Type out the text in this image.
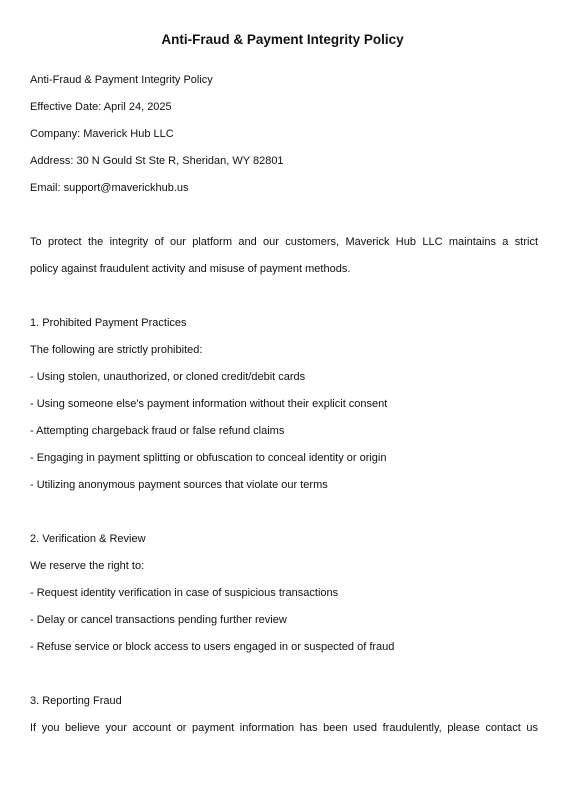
Anti-Fraud & Payment Integrity Policy

Anti-Fraud & Payment Integrity Policy

Effective Date: April 24, 2025

Company: Maverick Hub LLC

Address: 30 N Gould St Ste R, Sheridan, WY 82801

Email: support@maverickhub.us

To protect the integrity of our platform and our customers, Maverick Hub LLC maintains a strict

policy against fraudulent activity and misuse of payment methods.

1. Prohibited Payment Practices

The following are strictly prohibited:

- Using stolen, unauthorized, or cloned credit/debit cards

- Using someone else's payment information without their explicit consent

- Attempting chargeback fraud or false refund claims

- Engaging in payment splitting or obfuscation to conceal identity or origin

- Utilizing anonymous payment sources that violate our terms

2. Verification & Review

We reserve the right to:

- Request identity verification in case of suspicious transactions

- Delay or cancel transactions pending further review

- Refuse service or block access to users engaged in or suspected of fraud

3. Reporting Fraud

If you believe your account or payment information has been used fraudulently, please contact us
